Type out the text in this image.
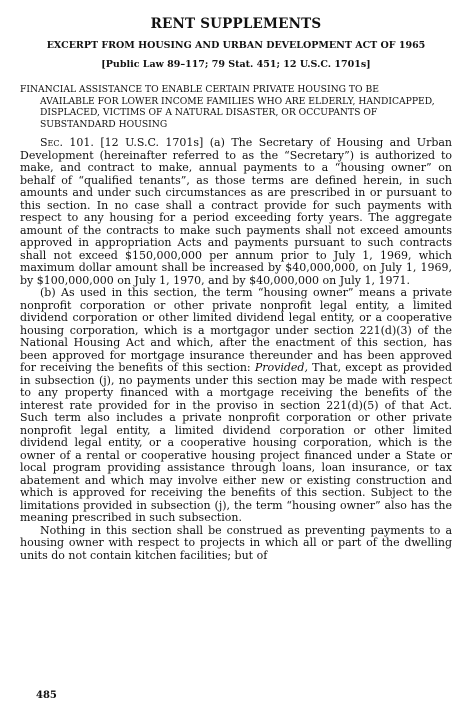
RENT SUPPLEMENTS
EXCERPT FROM HOUSING AND URBAN DEVELOPMENT ACT OF 1965
[Public Law 89–117; 79 Stat. 451; 12 U.S.C. 1701s]
FINANCIAL ASSISTANCE TO ENABLE CERTAIN PRIVATE HOUSING TO BE
AVAILABLE FOR LOWER INCOME FAMILIES WHO ARE ELDERLY, HANDICAPPED, DISPLACED, VICTIMS OF A NATURAL DISASTER, OR OCCUPANTS OF SUBSTANDARD HOUSING

Sec. 101. [12 U.S.C. 1701s] (a) The Secretary of Housing and Urban Development (hereinafter referred to as the “Secretary”) is authorized to make, and contract to make, annual payments to a “housing owner” on behalf of “qualified tenants”, as those terms are defined herein, in such amounts and under such circumstances as are prescribed in or pursuant to this section. In no case shall a contract provide for such payments with respect to any housing for a period exceeding forty years. The aggregate amount of the contracts to make such payments shall not exceed amounts approved in appropriation Acts and payments pursuant to such contracts shall not exceed $150,000,000 per annum prior to July 1, 1969, which maximum dollar amount shall be increased by $40,000,000, on July 1, 1969, by $100,000,000 on July 1, 1970, and by $40,000,000 on July 1, 1971.

(b) As used in this section, the term “housing owner” means a private nonprofit corporation or other private nonprofit legal entity, a limited dividend corporation or other limited dividend legal entity, or a cooperative housing corporation, which is a mortgagor under section 221(d)(3) of the National Housing Act and which, after the enactment of this section, has been approved for mortgage insurance thereunder and has been approved for receiving the benefits of this section: Provided, That, except as provided in subsection (j), no payments under this section may be made with respect to any property financed with a mortgage receiving the benefits of the interest rate provided for in the proviso in section 221(d)(5) of that Act. Such term also includes a private nonprofit corporation or other private nonprofit legal entity, a limited dividend corporation or other limited dividend legal entity, or a cooperative housing corporation, which is the owner of a rental or cooperative housing project financed under a State or local program providing assistance through loans, loan insurance, or tax abatement and which may involve either new or existing construction and which is approved for receiving the benefits of this section. Subject to the limitations provided in subsection (j), the term “housing owner” also has the meaning prescribed in such subsection.

Nothing in this section shall be construed as preventing payments to a housing owner with respect to projects in which all or part of the dwelling units do not contain kitchen facilities; but of

485
